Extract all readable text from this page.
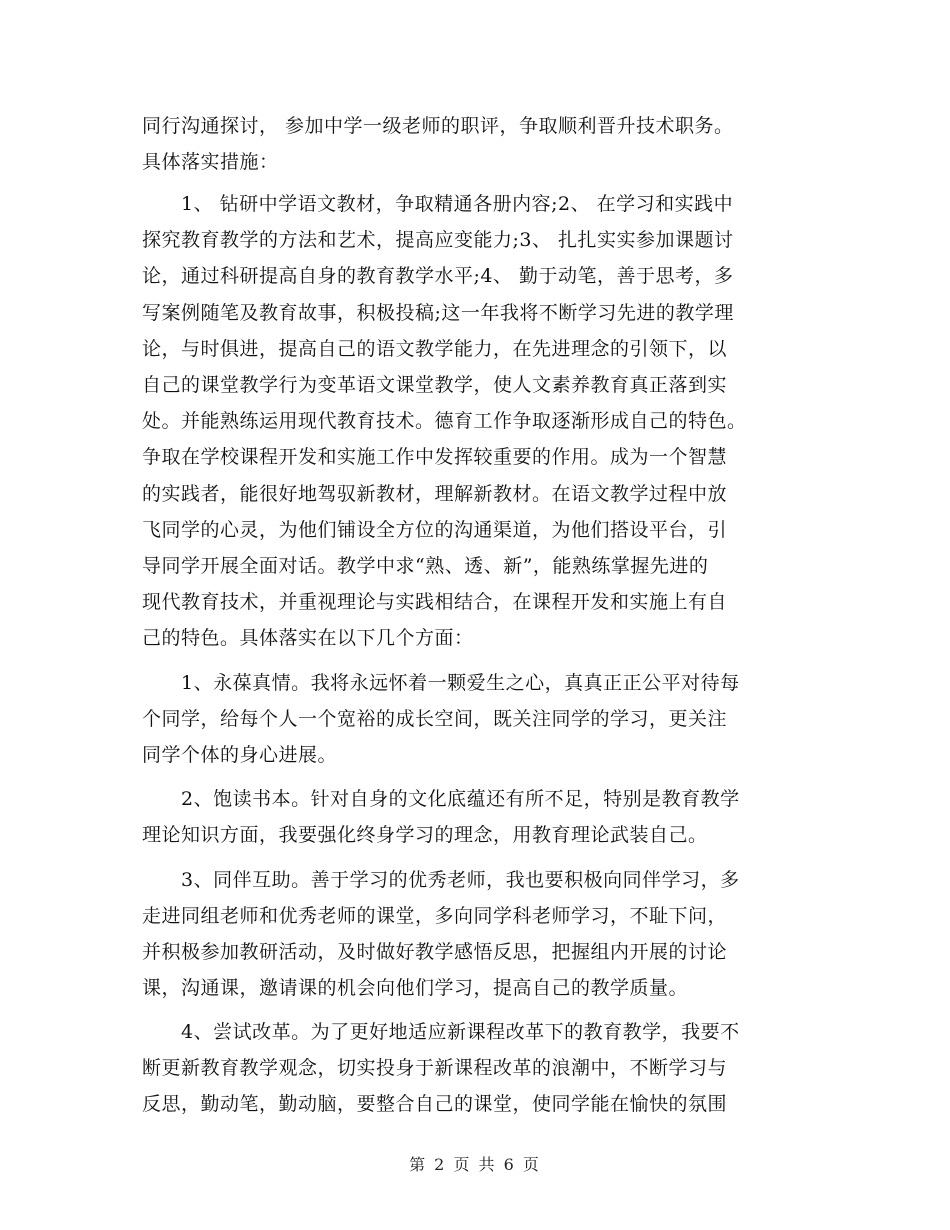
同行沟通探讨， 参加中学一级老师的职评，争取顺利晋升技术职务。
具体落实措施：
　　1、 钻研中学语文教材，争取精通各册内容;2、 在学习和实践中
探究教育教学的方法和艺术，提高应变能力;3、 扎扎实实参加课题讨
论，通过科研提高自身的教育教学水平;4、 勤于动笔，善于思考，多
写案例随笔及教育故事，积极投稿;这一年我将不断学习先进的教学理
论，与时俱进，提高自己的语文教学能力，在先进理念的引领下，以
自己的课堂教学行为变革语文课堂教学，使人文素养教育真正落到实
处。并能熟练运用现代教育技术。德育工作争取逐渐形成自己的特色。
争取在学校课程开发和实施工作中发挥较重要的作用。成为一个智慧
的实践者，能很好地驾驭新教材，理解新教材。在语文教学过程中放
飞同学的心灵，为他们铺设全方位的沟通渠道，为他们搭设平台，引
导同学开展全面对话。教学中求“熟、透、新”，能熟练掌握先进的
现代教育技术，并重视理论与实践相结合，在课程开发和实施上有自
己的特色。具体落实在以下几个方面：
　　1、永葆真情。我将永远怀着一颗爱生之心，真真正正公平对待每
个同学，给每个人一个宽裕的成长空间，既关注同学的学习，更关注
同学个体的身心进展。
　　2、饱读书本。针对自身的文化底蕴还有所不足，特别是教育教学
理论知识方面，我要强化终身学习的理念，用教育理论武装自己。
　　3、同伴互助。善于学习的优秀老师，我也要积极向同伴学习，多
走进同组老师和优秀老师的课堂，多向同学科老师学习，不耻下问，
并积极参加教研活动，及时做好教学感悟反思，把握组内开展的讨论
课，沟通课，邀请课的机会向他们学习，提高自己的教学质量。
　　4、尝试改革。为了更好地适应新课程改革下的教育教学，我要不
断更新教育教学观念，切实投身于新课程改革的浪潮中，不断学习与
反思，勤动笔，勤动脑，要整合自己的课堂，使同学能在愉快的氛围
第 2 页 共 6 页
